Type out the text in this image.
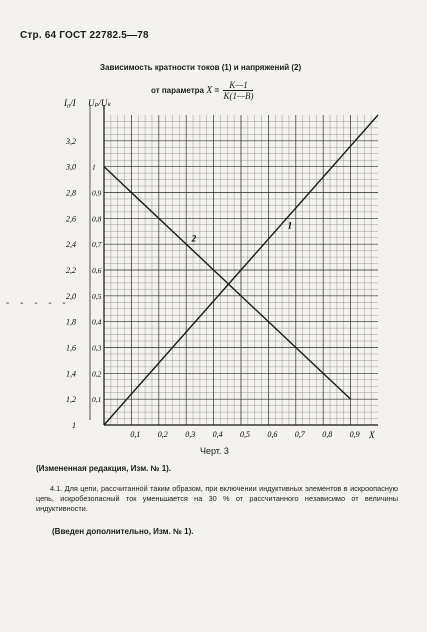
Стр. 64 ГОСТ 22782.5—78
Зависимость кратности токов (1) и напряжений (2)
от параметра $X = \frac{K—1}{K(1—B)}$
- - - - -
I₀/I Uₚ/Uₖ
X
3,2
3,0
2,8
2,6
2,4
2,2
2,0
1,8
1,6
1,4
1,2
1
1
0,9
0,8
0,7
0,6
0,5
0,4
0,3
0,2
0,1
0,1 0,2 0,3 0,4 0,5 0,6 0,7 0,8 0,9
1
2
Черт. 3
(Измененная редакция, Изм. № 1).
4.1. Для цепи, рассчитанной таким образом, при включении индуктивных элементов в искроопасную цепь, искробезопасный ток уменьшается на 30 % от рассчитанного независимо от величины индуктивности.
(Введен дополнительно, Изм. № 1).
